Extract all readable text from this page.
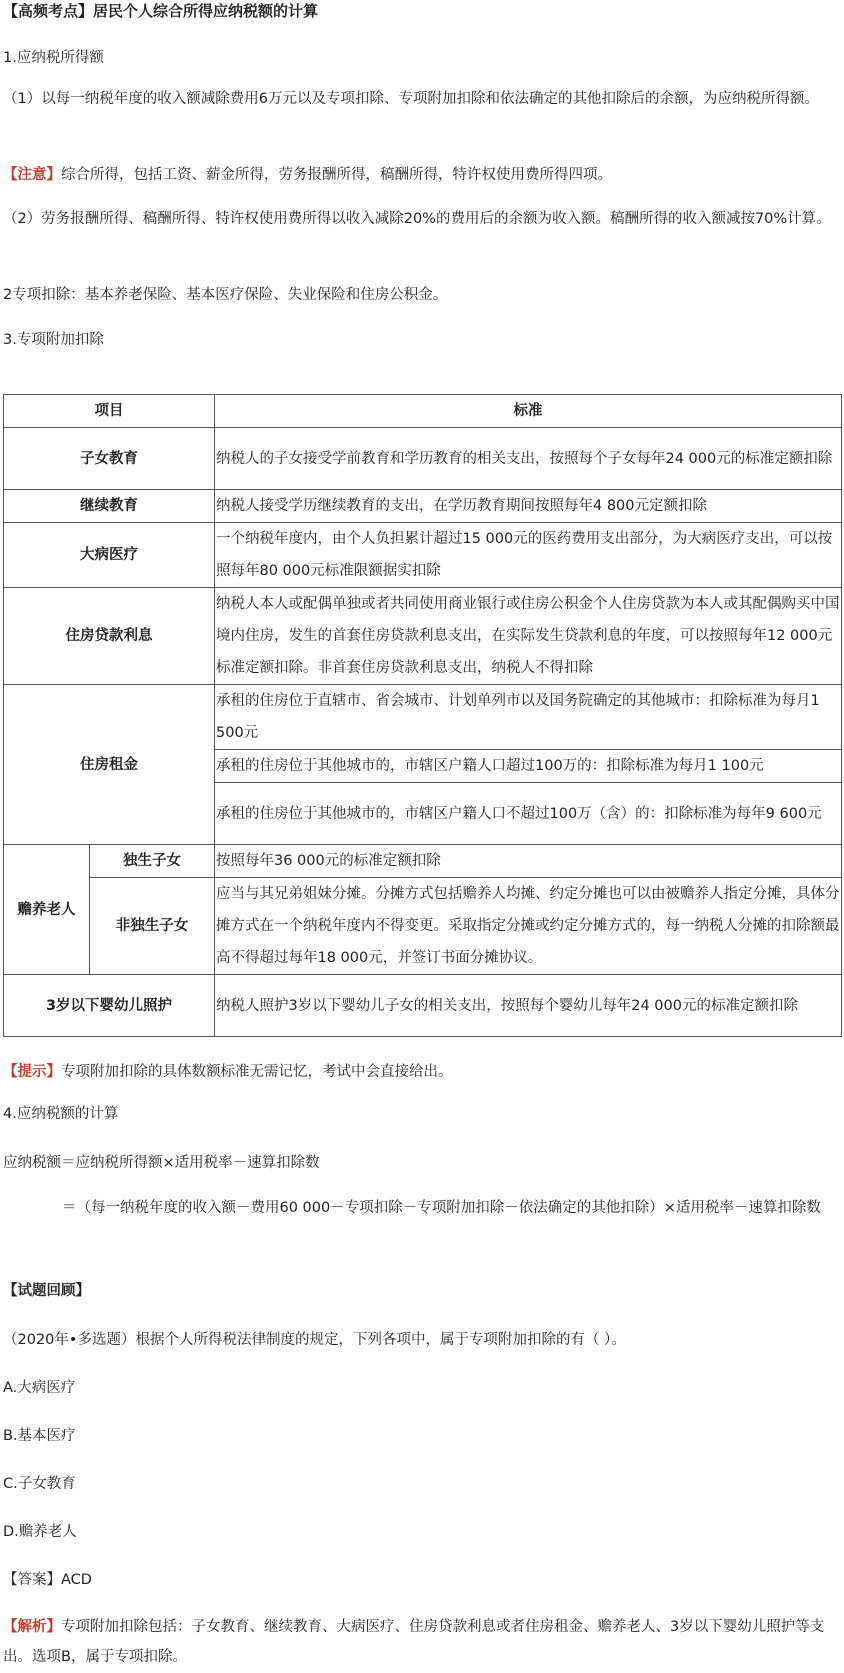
【高频考点】居民个人综合所得应纳税额的计算

1.应纳税所得额

（1）以每一纳税年度的收入额减除费用6万元以及专项扣除、专项附加扣除和依法确定的其他扣除后的余额，为应纳税所得额。

【注意】综合所得，包括工资、薪金所得，劳务报酬所得，稿酬所得，特许权使用费所得四项。

（2）劳务报酬所得、稿酬所得、特许权使用费所得以收入减除20%的费用后的余额为收入额。稿酬所得的收入额减按70%计算。

2专项扣除：基本养老保险、基本医疗保险、失业保险和住房公积金。

3.专项附加扣除

项目		标准
子女教育		纳税人的子女接受学前教育和学历教育的相关支出，按照每个子女每年24 000元的标准定额扣除
继续教育		纳税人接受学历继续教育的支出，在学历教育期间按照每年4 800元定额扣除
大病医疗		一个纳税年度内，由个人负担累计超过15 000元的医药费用支出部分，为大病医疗支出，可以按照每年80 000元标准限额据实扣除
住房贷款利息		纳税人本人或配偶单独或者共同使用商业银行或住房公积金个人住房贷款为本人或其配偶购买中国境内住房，发生的首套住房贷款利息支出，在实际发生贷款利息的年度，可以按照每年12 000元标准定额扣除。非首套住房贷款利息支出，纳税人不得扣除
住房租金		承租的住房位于直辖市、省会城市、计划单列市以及国务院确定的其他城市：扣除标准为每月1 500元
		承租的住房位于其他城市的，市辖区户籍人口超过100万的：扣除标准为每月1 100元
		承租的住房位于其他城市的，市辖区户籍人口不超过100万（含）的：扣除标准为每年9 600元
赡养老人	独生子女	按照每年36 000元的标准定额扣除
	非独生子女	应当与其兄弟姐妹分摊。分摊方式包括赡养人均摊、约定分摊也可以由被赡养人指定分摊，具体分摊方式在一个纳税年度内不得变更。采取指定分摊或约定分摊方式的，每一纳税人分摊的扣除额最高不得超过每年18 000元，并签订书面分摊协议。
3岁以下婴幼儿照护		纳税人照护3岁以下婴幼儿子女的相关支出，按照每个婴幼儿每年24 000元的标准定额扣除

【提示】专项附加扣除的具体数额标准无需记忆，考试中会直接给出。

4.应纳税额的计算

应纳税额＝应纳税所得额×适用税率－速算扣除数

＝（每一纳税年度的收入额－费用60 000－专项扣除－专项附加扣除－依法确定的其他扣除）×适用税率－速算扣除数

【试题回顾】

（2020年•多选题）根据个人所得税法律制度的规定，下列各项中，属于专项附加扣除的有（ ）。

A.大病医疗

B.基本医疗

C.子女教育

D.赡养老人

【答案】ACD

【解析】专项附加扣除包括：子女教育、继续教育、大病医疗、住房贷款利息或者住房租金、赡养老人、3岁以下婴幼儿照护等支出。选项B，属于专项扣除。
